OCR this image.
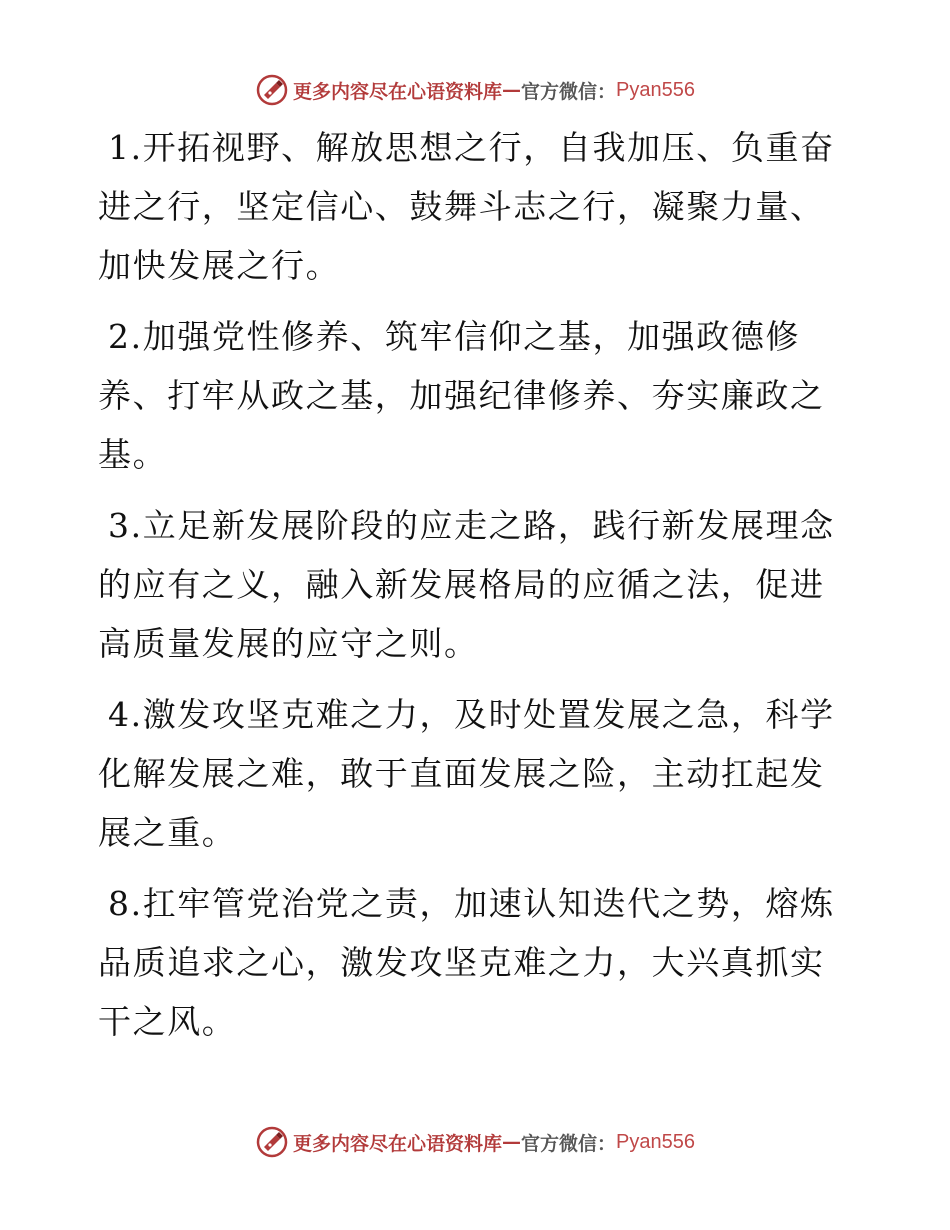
更多内容尽在心语资料库 — 官方微信： Pyan556

1.开拓视野、解放思想之行，自我加压、负重奋进之行，坚定信心、鼓舞斗志之行，凝聚力量、加快发展之行。

2.加强党性修养、筑牢信仰之基，加强政德修养、打牢从政之基，加强纪律修养、夯实廉政之基。

3.立足新发展阶段的应走之路，践行新发展理念的应有之义，融入新发展格局的应循之法，促进高质量发展的应守之则。

4.激发攻坚克难之力，及时处置发展之急，科学化解发展之难，敢于直面发展之险，主动扛起发展之重。

8.扛牢管党治党之责，加速认知迭代之势，熔炼品质追求之心，激发攻坚克难之力，大兴真抓实干之风。

更多内容尽在心语资料库 — 官方微信： Pyan556
